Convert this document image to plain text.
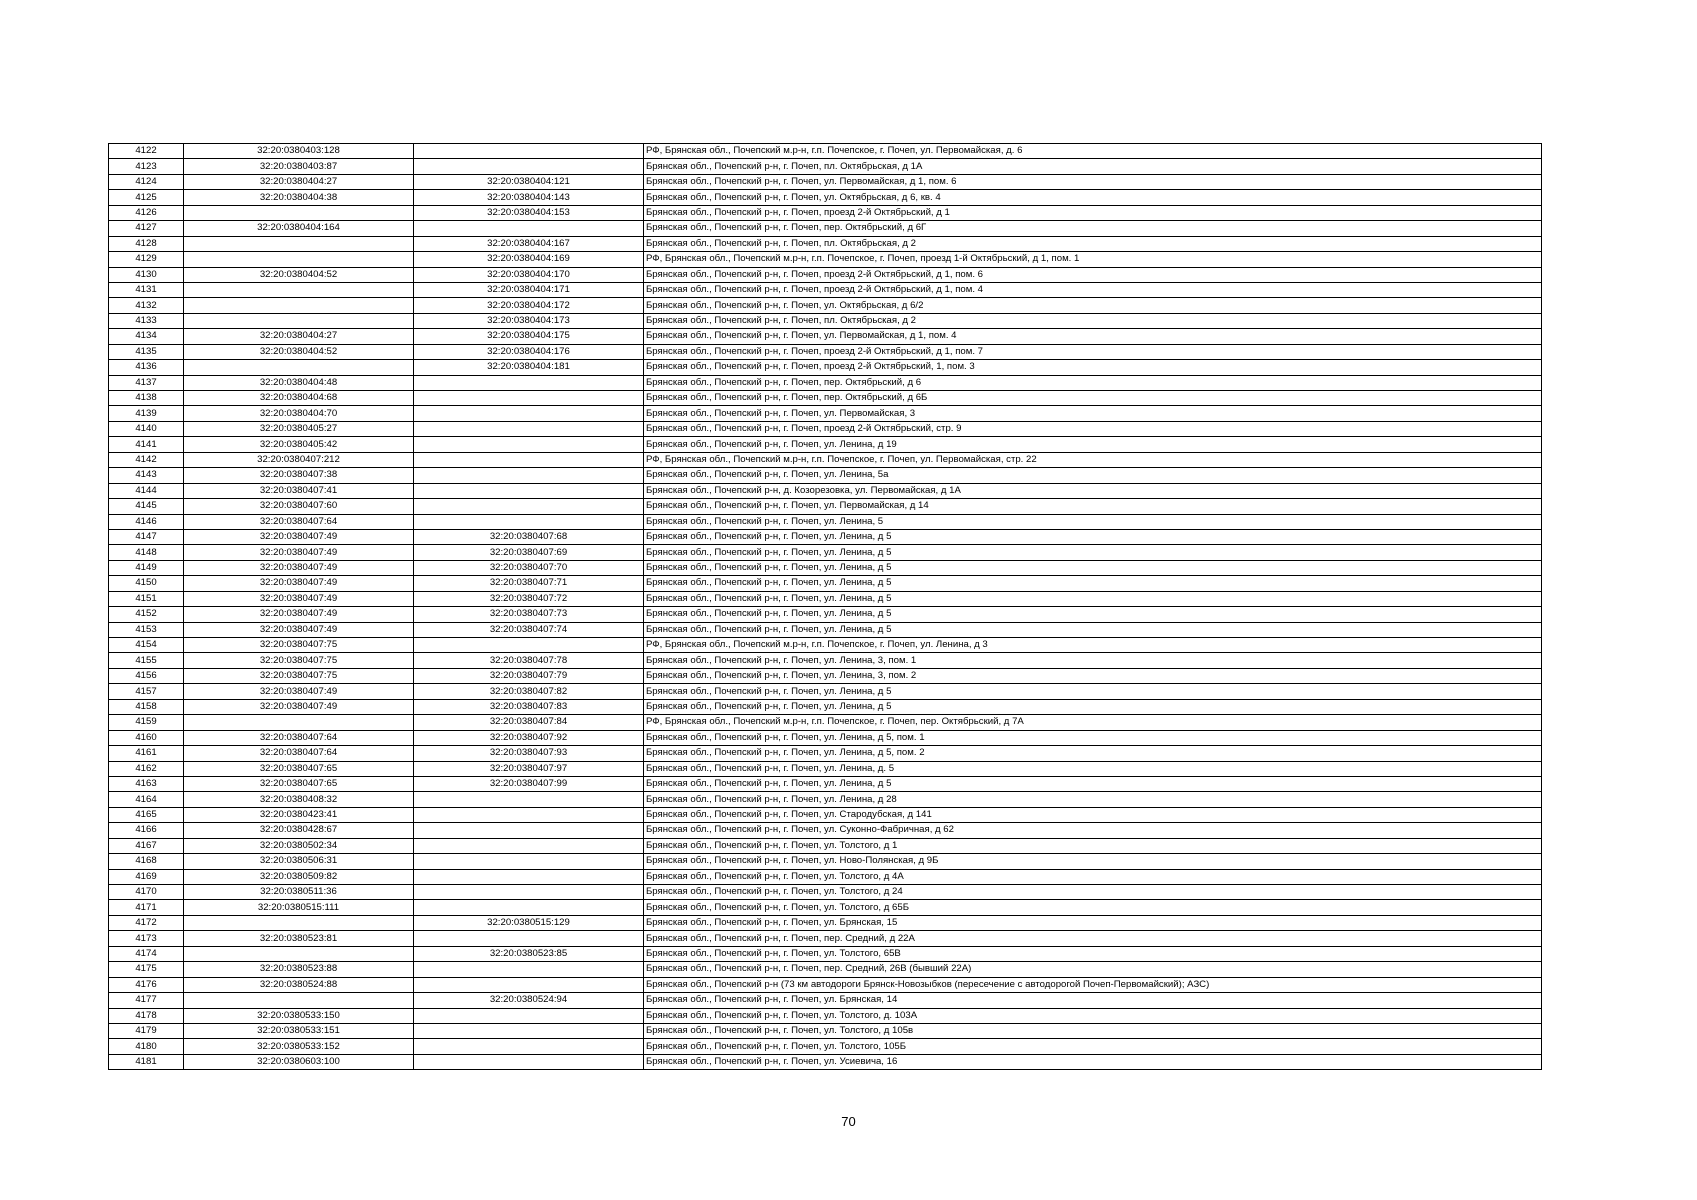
4122	32:20:0380403:128		РФ, Брянская обл., Почепский м.р-н, г.п. Почепское, г. Почеп, ул. Первомайская, д. 6
4123	32:20:0380403:87		Брянская обл., Почепский р-н, г. Почеп, пл. Октябрьская, д 1А
4124	32:20:0380404:27	32:20:0380404:121	Брянская обл., Почепский р-н, г. Почеп, ул. Первомайская, д 1, пом. 6
4125	32:20:0380404:38	32:20:0380404:143	Брянская обл., Почепский р-н, г. Почеп, ул. Октябрьская, д 6, кв. 4
4126		32:20:0380404:153	Брянская обл., Почепский р-н, г. Почеп, проезд 2-й Октябрьский, д 1
4127	32:20:0380404:164		Брянская обл., Почепский р-н, г. Почеп, пер. Октябрьский, д 6Г
4128		32:20:0380404:167	Брянская обл., Почепский р-н, г. Почеп, пл. Октябрьская, д 2
4129		32:20:0380404:169	РФ, Брянская обл., Почепский м.р-н, г.п. Почепское, г. Почеп, проезд 1-й Октябрьский, д 1, пом. 1
4130	32:20:0380404:52	32:20:0380404:170	Брянская обл., Почепский р-н, г. Почеп, проезд 2-й Октябрьский, д 1, пом. 6
4131		32:20:0380404:171	Брянская обл., Почепский р-н, г. Почеп, проезд 2-й Октябрьский, д 1, пом. 4
4132		32:20:0380404:172	Брянская обл., Почепский р-н, г. Почеп, ул. Октябрьская, д 6/2
4133		32:20:0380404:173	Брянская обл., Почепский р-н, г. Почеп, пл. Октябрьская, д 2
4134	32:20:0380404:27	32:20:0380404:175	Брянская обл., Почепский р-н, г. Почеп, ул. Первомайская, д 1, пом. 4
4135	32:20:0380404:52	32:20:0380404:176	Брянская обл., Почепский р-н, г. Почеп, проезд 2-й Октябрьский, д 1, пом. 7
4136		32:20:0380404:181	Брянская обл., Почепский р-н, г. Почеп, проезд 2-й Октябрьский, 1, пом. 3
4137	32:20:0380404:48		Брянская обл., Почепский р-н, г. Почеп, пер. Октябрьский, д 6
4138	32:20:0380404:68		Брянская обл., Почепский р-н, г. Почеп, пер. Октябрьский, д 6Б
4139	32:20:0380404:70		Брянская обл., Почепский р-н, г. Почеп, ул. Первомайская, 3
4140	32:20:0380405:27		Брянская обл., Почепский р-н, г. Почеп, проезд 2-й Октябрьский, стр. 9
4141	32:20:0380405:42		Брянская обл., Почепский р-н, г. Почеп, ул. Ленина, д 19
4142	32:20:0380407:212		РФ, Брянская обл., Почепский м.р-н, г.п. Почепское, г. Почеп, ул. Первомайская, стр. 22
4143	32:20:0380407:38		Брянская обл., Почепский р-н, г. Почеп, ул. Ленина, 5а
4144	32:20:0380407:41		Брянская обл., Почепский р-н, д. Козорезовка, ул. Первомайская, д 1А
4145	32:20:0380407:60		Брянская обл., Почепский р-н, г. Почеп, ул. Первомайская, д 14
4146	32:20:0380407:64		Брянская обл., Почепский р-н, г. Почеп, ул. Ленина, 5
4147	32:20:0380407:49	32:20:0380407:68	Брянская обл., Почепский р-н, г. Почеп, ул. Ленина, д 5
4148	32:20:0380407:49	32:20:0380407:69	Брянская обл., Почепский р-н, г. Почеп, ул. Ленина, д 5
4149	32:20:0380407:49	32:20:0380407:70	Брянская обл., Почепский р-н, г. Почеп, ул. Ленина, д 5
4150	32:20:0380407:49	32:20:0380407:71	Брянская обл., Почепский р-н, г. Почеп, ул. Ленина, д 5
4151	32:20:0380407:49	32:20:0380407:72	Брянская обл., Почепский р-н, г. Почеп, ул. Ленина, д 5
4152	32:20:0380407:49	32:20:0380407:73	Брянская обл., Почепский р-н, г. Почеп, ул. Ленина, д 5
4153	32:20:0380407:49	32:20:0380407:74	Брянская обл., Почепский р-н, г. Почеп, ул. Ленина, д 5
4154	32:20:0380407:75		РФ, Брянская обл., Почепский м.р-н, г.п. Почепское, г. Почеп, ул. Ленина, д 3
4155	32:20:0380407:75	32:20:0380407:78	Брянская обл., Почепский р-н, г. Почеп, ул. Ленина, 3, пом. 1
4156	32:20:0380407:75	32:20:0380407:79	Брянская обл., Почепский р-н, г. Почеп, ул. Ленина, 3, пом. 2
4157	32:20:0380407:49	32:20:0380407:82	Брянская обл., Почепский р-н, г. Почеп, ул. Ленина, д 5
4158	32:20:0380407:49	32:20:0380407:83	Брянская обл., Почепский р-н, г. Почеп, ул. Ленина, д 5
4159		32:20:0380407:84	РФ, Брянская обл., Почепский м.р-н, г.п. Почепское, г. Почеп, пер. Октябрьский, д 7А
4160	32:20:0380407:64	32:20:0380407:92	Брянская обл., Почепский р-н, г. Почеп, ул. Ленина, д 5, пом. 1
4161	32:20:0380407:64	32:20:0380407:93	Брянская обл., Почепский р-н, г. Почеп, ул. Ленина, д 5, пом. 2
4162	32:20:0380407:65	32:20:0380407:97	Брянская обл., Почепский р-н, г. Почеп, ул. Ленина, д. 5
4163	32:20:0380407:65	32:20:0380407:99	Брянская обл., Почепский р-н, г. Почеп, ул. Ленина, д 5
4164	32:20:0380408:32		Брянская обл., Почепский р-н, г. Почеп, ул. Ленина, д 28
4165	32:20:0380423:41		Брянская обл., Почепский р-н, г. Почеп, ул. Стародубская, д 141
4166	32:20:0380428:67		Брянская обл., Почепский р-н, г. Почеп, ул. Суконно-Фабричная, д 62
4167	32:20:0380502:34		Брянская обл., Почепский р-н, г. Почеп, ул. Толстого, д 1
4168	32:20:0380506:31		Брянская обл., Почепский р-н, г. Почеп, ул. Ново-Полянская, д 9Б
4169	32:20:0380509:82		Брянская обл., Почепский р-н, г. Почеп, ул. Толстого, д 4А
4170	32:20:0380511:36		Брянская обл., Почепский р-н, г. Почеп, ул. Толстого, д 24
4171	32:20:0380515:111		Брянская обл., Почепский р-н, г. Почеп, ул. Толстого, д 65Б
4172		32:20:0380515:129	Брянская обл., Почепский р-н, г. Почеп, ул. Брянская, 15
4173	32:20:0380523:81		Брянская обл., Почепский р-н, г. Почеп, пер. Средний, д 22А
4174		32:20:0380523:85	Брянская обл., Почепский р-н, г. Почеп, ул. Толстого, 65В
4175	32:20:0380523:88		Брянская обл., Почепский р-н, г. Почеп, пер. Средний, 26В (бывший 22А)
4176	32:20:0380524:88		Брянская обл., Почепский р-н (73 км автодороги Брянск-Новозыбков (пересечение с автодорогой Почеп-Первомайский); АЗС)
4177		32:20:0380524:94	Брянская обл., Почепский р-н, г. Почеп, ул. Брянская, 14
4178	32:20:0380533:150		Брянская обл., Почепский р-н, г. Почеп, ул. Толстого, д. 103А
4179	32:20:0380533:151		Брянская обл., Почепский р-н, г. Почеп, ул. Толстого, д 105в
4180	32:20:0380533:152		Брянская обл., Почепский р-н, г. Почеп, ул. Толстого, 105Б
4181	32:20:0380603:100		Брянская обл., Почепский р-н, г. Почеп, ул. Усиевича, 16
70
